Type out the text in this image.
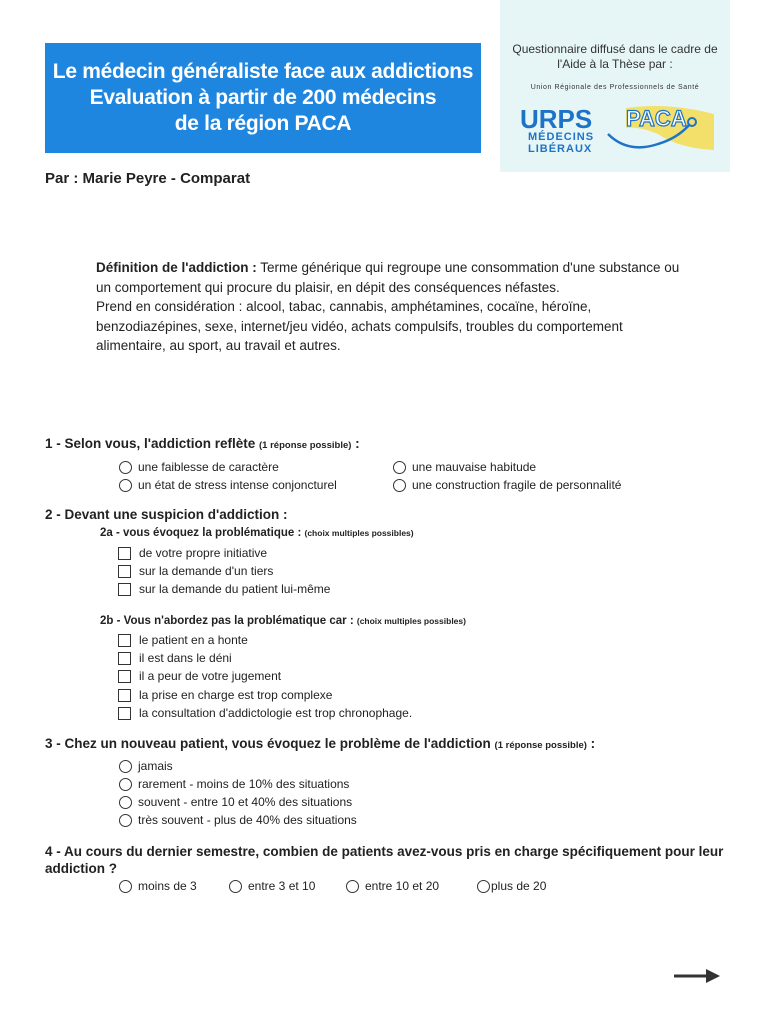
Le médecin généraliste face aux addictions
Evaluation à partir de 200 médecins
de la région PACA
Questionnaire diffusé dans le cadre de
l'Aide à la Thèse par :
Union Régionale des Professionnels de Santé
URPS PACA
MÉDECINS
LIBÉRAUX
Par : Marie Peyre - Comparat
Définition de l'addiction : Terme générique qui regroupe une consommation d'une substance ou
un comportement qui procure du plaisir, en dépit des conséquences néfastes.
Prend en considération : alcool, tabac, cannabis, amphétamines, cocaïne, héroïne,
benzodiazépines, sexe, internet/jeu vidéo, achats compulsifs, troubles du comportement
alimentaire, au sport, au travail et autres.
1 - Selon vous, l'addiction reflète (1 réponse possible) :
une faiblesse de caractère	une mauvaise habitude
un état de stress intense conjoncturel	une construction fragile de personnalité
2 - Devant une suspicion d'addiction :
2a - vous évoquez la problématique : (choix multiples possibles)
de votre propre initiative
sur la demande d'un tiers
sur la demande du patient lui-même
2b - Vous n'abordez pas la problématique car : (choix multiples possibles)
le patient en a honte
il est dans le déni
il a peur de votre jugement
la prise en charge est trop complexe
la consultation d'addictologie est trop chronophage.
3 - Chez un nouveau patient, vous évoquez le problème de l'addiction (1 réponse possible) :
jamais
rarement - moins de 10% des situations
souvent - entre 10 et 40% des situations
très souvent - plus de 40% des situations
4 - Au cours du dernier semestre, combien de patients avez-vous pris en charge spécifiquement pour leur
addiction ?
moins de 3	entre 3 et 10	entre 10 et 20	plus de 20
